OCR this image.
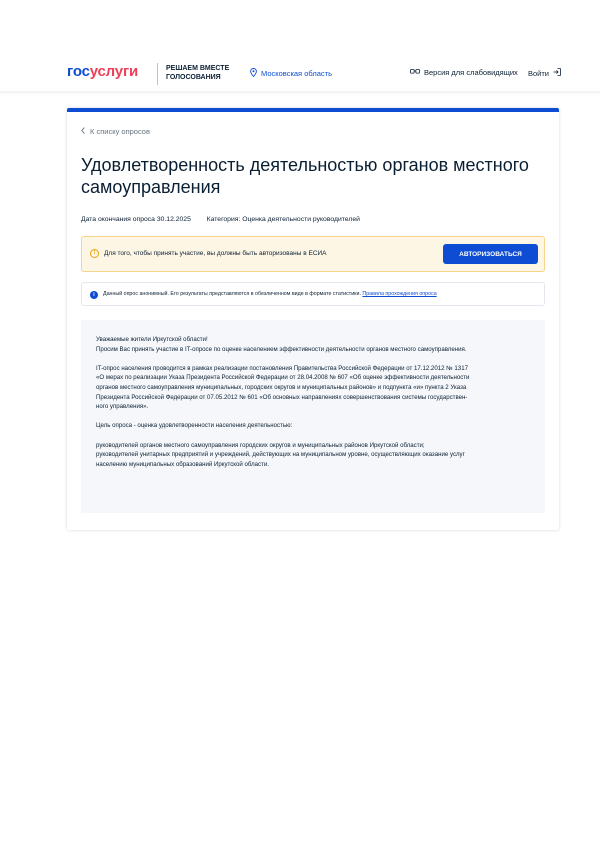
госуслуги	РЕШАЕМ ВМЕСТЕ
ГОЛОСОВАНИЯ	Московская область	Версия для слабовидящих Войти
К списку опросов
Удовлетворенность деятельностью органов местного самоуправления
Дата окончания опроса 30.12.2025 Категория: Оценка деятельности руководителей
!	Для того, чтобы принять участие, вы должны быть авторизованы в ЕСИА	АВТОРИЗОВАТЬСЯ
i	Данный опрос анонимный. Его результаты представляются в обезличенном виде в формате статистики. Правила прохождения опроса

Уважаемые жители Иркутской области!

Просим Вас принять участие в IT-опросе по оценке населением эффективности деятельности органов местного самоуправления.

IT-опрос населения проводится в рамках реализации постановления Правительства Российской Федерации от 17.12.2012 № 1317

«О мерах по реализации Указа Президента Российской Федерации от 28.04.2008 № 607 «Об оценке эффективности деятельности

органов местного самоуправления муниципальных, городских округов и муниципальных районов» и подпункта «и» пункта 2 Указа

Президента Российской Федерации от 07.05.2012 № 601 «Об основных направлениях совершенствования системы государствен-

ного управления».

Цель опроса - оценка удовлетворенности населения деятельностью:

руководителей органов местного самоуправления городских округов и муниципальных районов Иркутской области;

руководителей унитарных предприятий и учреждений, действующих на муниципальном уровне, осуществляющих оказание услуг

населению муниципальных образований Иркутской области.
